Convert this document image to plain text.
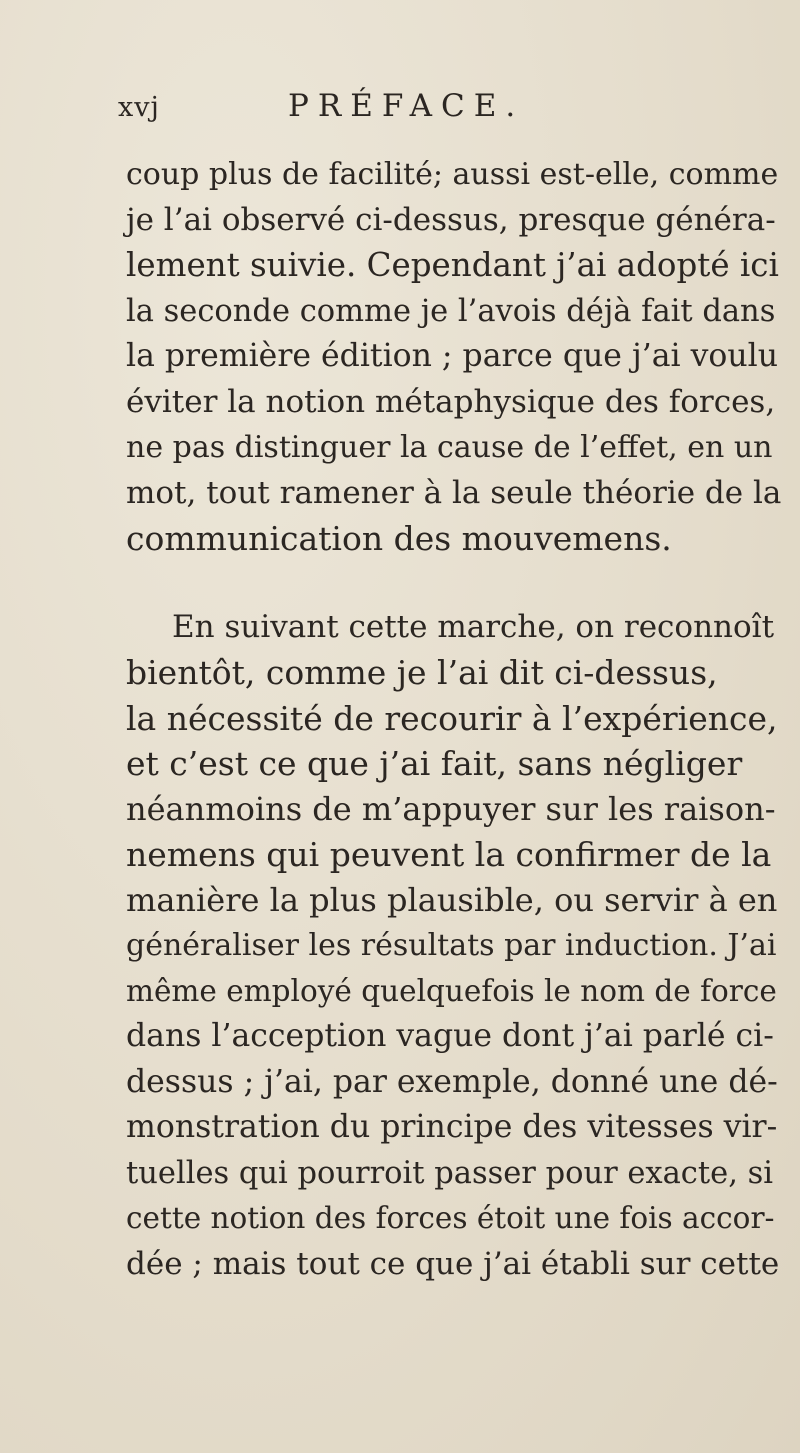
xvj	PRÉFACE.
coup plus de facilité; aussi est-elle, comme
je l’ai observé ci-dessus, presque généra-
lement suivie. Cependant j’ai adopté ici
la seconde comme je l’avois déjà fait dans
la première édition ; parce que j’ai voulu
éviter la notion métaphysique des forces,
ne pas distinguer la cause de l’effet, en un
mot, tout ramener à la seule théorie de la
communication des mouvemens.
En suivant cette marche, on reconnoît
bientôt, comme je l’ai dit ci-dessus,
la nécessité de recourir à l’expérience,
et c’est ce que j’ai fait, sans négliger
néanmoins de m’appuyer sur les raison-
nemens qui peuvent la confirmer de la
manière la plus plausible, ou servir à en
généraliser les résultats par induction. J’ai
même employé quelquefois le nom de force
dans l’acception vague dont j’ai parlé ci-
dessus ; j’ai, par exemple, donné une dé-
monstration du principe des vitesses vir-
tuelles qui pourroit passer pour exacte, si
cette notion des forces étoit une fois accor-
dée ; mais tout ce que j’ai établi sur cette
